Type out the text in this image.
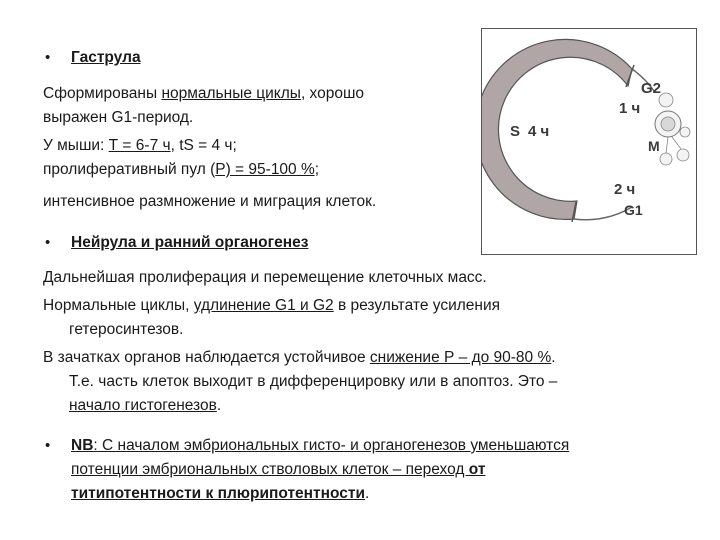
• Гаструла
Сформированы нормальные циклы, хорошо
выражен G1-период.
У мыши: Т = 6-7 ч, tS = 4 ч;
пролиферативный пул (P) = 95-100 %;
интенсивное размножение и миграция клеток.
• Нейрула и ранний органогенез
Дальнейшая пролиферация и перемещение клеточных масс.
Нормальные циклы, удлинение G1 и G2 в результате усиления
гетеросинтезов.
В зачатках органов наблюдается устойчивое снижение Р – до 90-80 %.
Т.е. часть клеток выходит в дифференцировку или в апоптоз. Это –
начало гистогенезов.
• NB: С началом эмбриональных гисто- и органогенезов уменьшаются
потенции эмбриональных стволовых клеток – переход от
титипотентности к плюрипотентности.
G2
1 ч
S 4 ч
M
2 ч
G1
